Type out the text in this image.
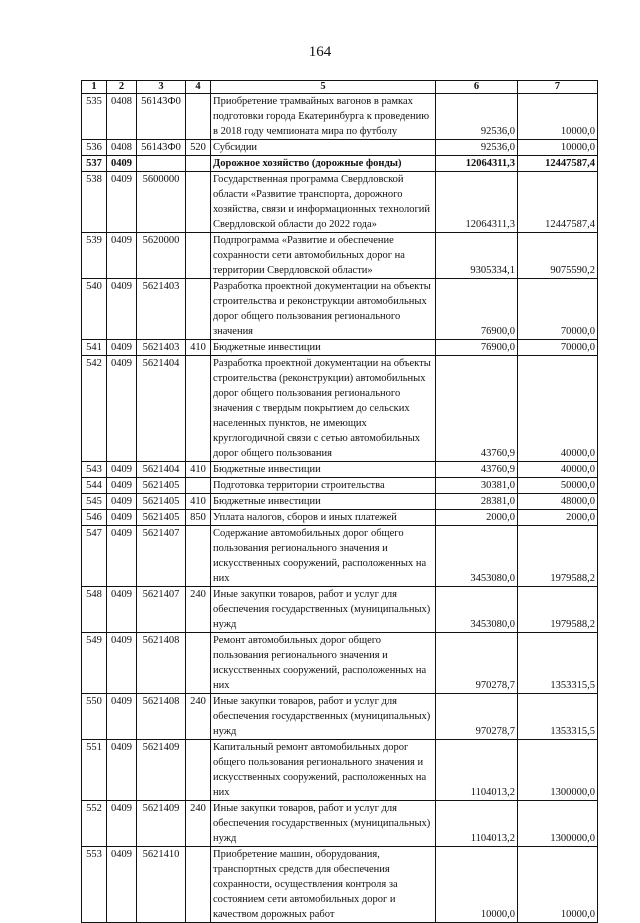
164
1	2	3	4	5	6	7
535	0408	56143Ф0		Приобретение трамвайных вагонов в рамках подготовки города Екатеринбурга к проведению в 2018 году чемпионата мира по футболу	92536,0	10000,0
536	0408	56143Ф0	520	Субсидии	92536,0	10000,0
537	0409			Дорожное хозяйство (дорожные фонды)	12064311,3	12447587,4
538	0409	5600000		Государственная программа Свердловской области «Развитие транспорта, дорожного хозяйства, связи и информационных технологий Свердловской области до 2022 года»	12064311,3	12447587,4
539	0409	5620000		Подпрограмма «Развитие и обеспечение сохранности сети автомобильных дорог на территории Свердловской области»	9305334,1	9075590,2
540	0409	5621403		Разработка проектной документации на объекты строительства и реконструкции автомобильных дорог общего пользования регионального значения	76900,0	70000,0
541	0409	5621403	410	Бюджетные инвестиции	76900,0	70000,0
542	0409	5621404		Разработка проектной документации на объекты строительства (реконструкции) автомобильных дорог общего пользования регионального значения с твердым покрытием до сельских населенных пунктов, не имеющих круглогодичной связи с сетью автомобильных дорог общего пользования	43760,9	40000,0
543	0409	5621404	410	Бюджетные инвестиции	43760,9	40000,0
544	0409	5621405		Подготовка территории строительства	30381,0	50000,0
545	0409	5621405	410	Бюджетные инвестиции	28381,0	48000,0
546	0409	5621405	850	Уплата налогов, сборов и иных платежей	2000,0	2000,0
547	0409	5621407		Содержание автомобильных дорог общего пользования регионального значения и искусственных сооружений, расположенных на них	3453080,0	1979588,2
548	0409	5621407	240	Иные закупки товаров, работ и услуг для обеспечения государственных (муниципальных) нужд	3453080,0	1979588,2
549	0409	5621408		Ремонт автомобильных дорог общего пользования регионального значения и искусственных сооружений, расположенных на них	970278,7	1353315,5
550	0409	5621408	240	Иные закупки товаров, работ и услуг для обеспечения государственных (муниципальных) нужд	970278,7	1353315,5
551	0409	5621409		Капитальный ремонт автомобильных дорог общего пользования регионального значения и искусственных сооружений, расположенных на них	1104013,2	1300000,0
552	0409	5621409	240	Иные закупки товаров, работ и услуг для обеспечения государственных (муниципальных) нужд	1104013,2	1300000,0
553	0409	5621410		Приобретение машин, оборудования, транспортных средств для обеспечения сохранности, осуществления контроля за состоянием сети автомобильных дорог и качеством дорожных работ	10000,0	10000,0
